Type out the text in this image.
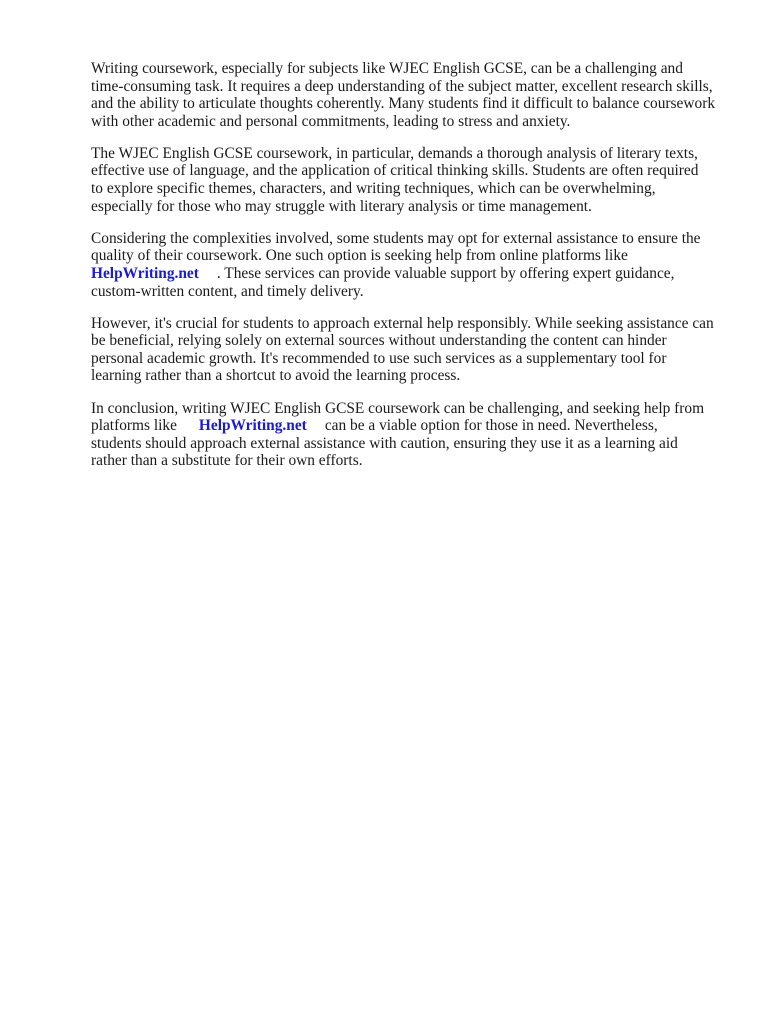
Writing coursework, especially for subjects like WJEC English GCSE, can be a challenging and
time-consuming task. It requires a deep understanding of the subject matter, excellent research skills,
and the ability to articulate thoughts coherently. Many students find it difficult to balance coursework
with other academic and personal commitments, leading to stress and anxiety.

The WJEC English GCSE coursework, in particular, demands a thorough analysis of literary texts,
effective use of language, and the application of critical thinking skills. Students are often required
to explore specific themes, characters, and writing techniques, which can be overwhelming,
especially for those who may struggle with literary analysis or time management.

Considering the complexities involved, some students may opt for external assistance to ensure the
quality of their coursework. One such option is seeking help from online platforms like
HelpWriting.net . These services can provide valuable support by offering expert guidance,
custom-written content, and timely delivery.

However, it's crucial for students to approach external help responsibly. While seeking assistance can
be beneficial, relying solely on external sources without understanding the content can hinder
personal academic growth. It's recommended to use such services as a supplementary tool for
learning rather than a shortcut to avoid the learning process.

In conclusion, writing WJEC English GCSE coursework can be challenging, and seeking help from
platforms like HelpWriting.net can be a viable option for those in need. Nevertheless,
students should approach external assistance with caution, ensuring they use it as a learning aid
rather than a substitute for their own efforts.
